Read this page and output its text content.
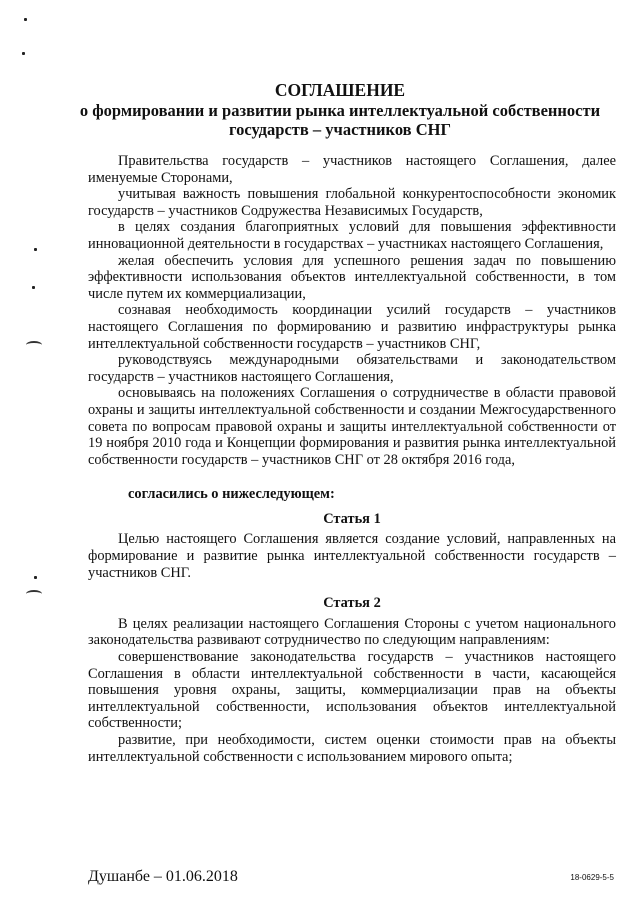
СОГЛАШЕНИЕ
о формировании и развитии рынка интеллектуальной собственности
государств – участников СНГ

Правительства государств – участников настоящего Соглашения, далее именуемые Сторонами,

учитывая важность повышения глобальной конкурентоспособности экономик государств – участников Содружества Независимых Государств,

в целях создания благоприятных условий для повышения эффективности инновационной деятельности в государствах – участниках настоящего Соглашения,

желая обеспечить условия для успешного решения задач по повышению эффективности использования объектов интеллектуальной собственности, в том числе путем их коммерциализации,

сознавая необходимость координации усилий государств – участников настоящего Соглашения по формированию и развитию инфраструктуры рынка интеллектуальной собственности государств – участников СНГ,

руководствуясь международными обязательствами и законодательством государств – участников настоящего Соглашения,

основываясь на положениях Соглашения о сотрудничестве в области правовой охраны и защиты интеллектуальной собственности и создании Межгосударственного совета по вопросам правовой охраны и защиты интеллектуальной собственности от 19 ноября 2010 года и Концепции формирования и развития рынка интеллектуальной собственности государств – участников СНГ от 28 октября 2016 года,

согласились о нижеследующем:

Статья 1

Целью настоящего Соглашения является создание условий, направленных на формирование и развитие рынка интеллектуальной собственности государств – участников СНГ.

Статья 2

В целях реализации настоящего Соглашения Стороны с учетом национального законодательства развивают сотрудничество по следующим направлениям:

совершенствование законодательства государств – участников настоящего Соглашения в области интеллектуальной собственности в части, касающейся повышения уровня охраны, защиты, коммерциализации прав на объекты интеллектуальной собственности, использования объектов интеллектуальной собственности;

развитие, при необходимости, систем оценки стоимости прав на объекты интеллектуальной собственности с использованием мирового опыта;

Душанбе – 01.06.2018	18-0629-5-5
